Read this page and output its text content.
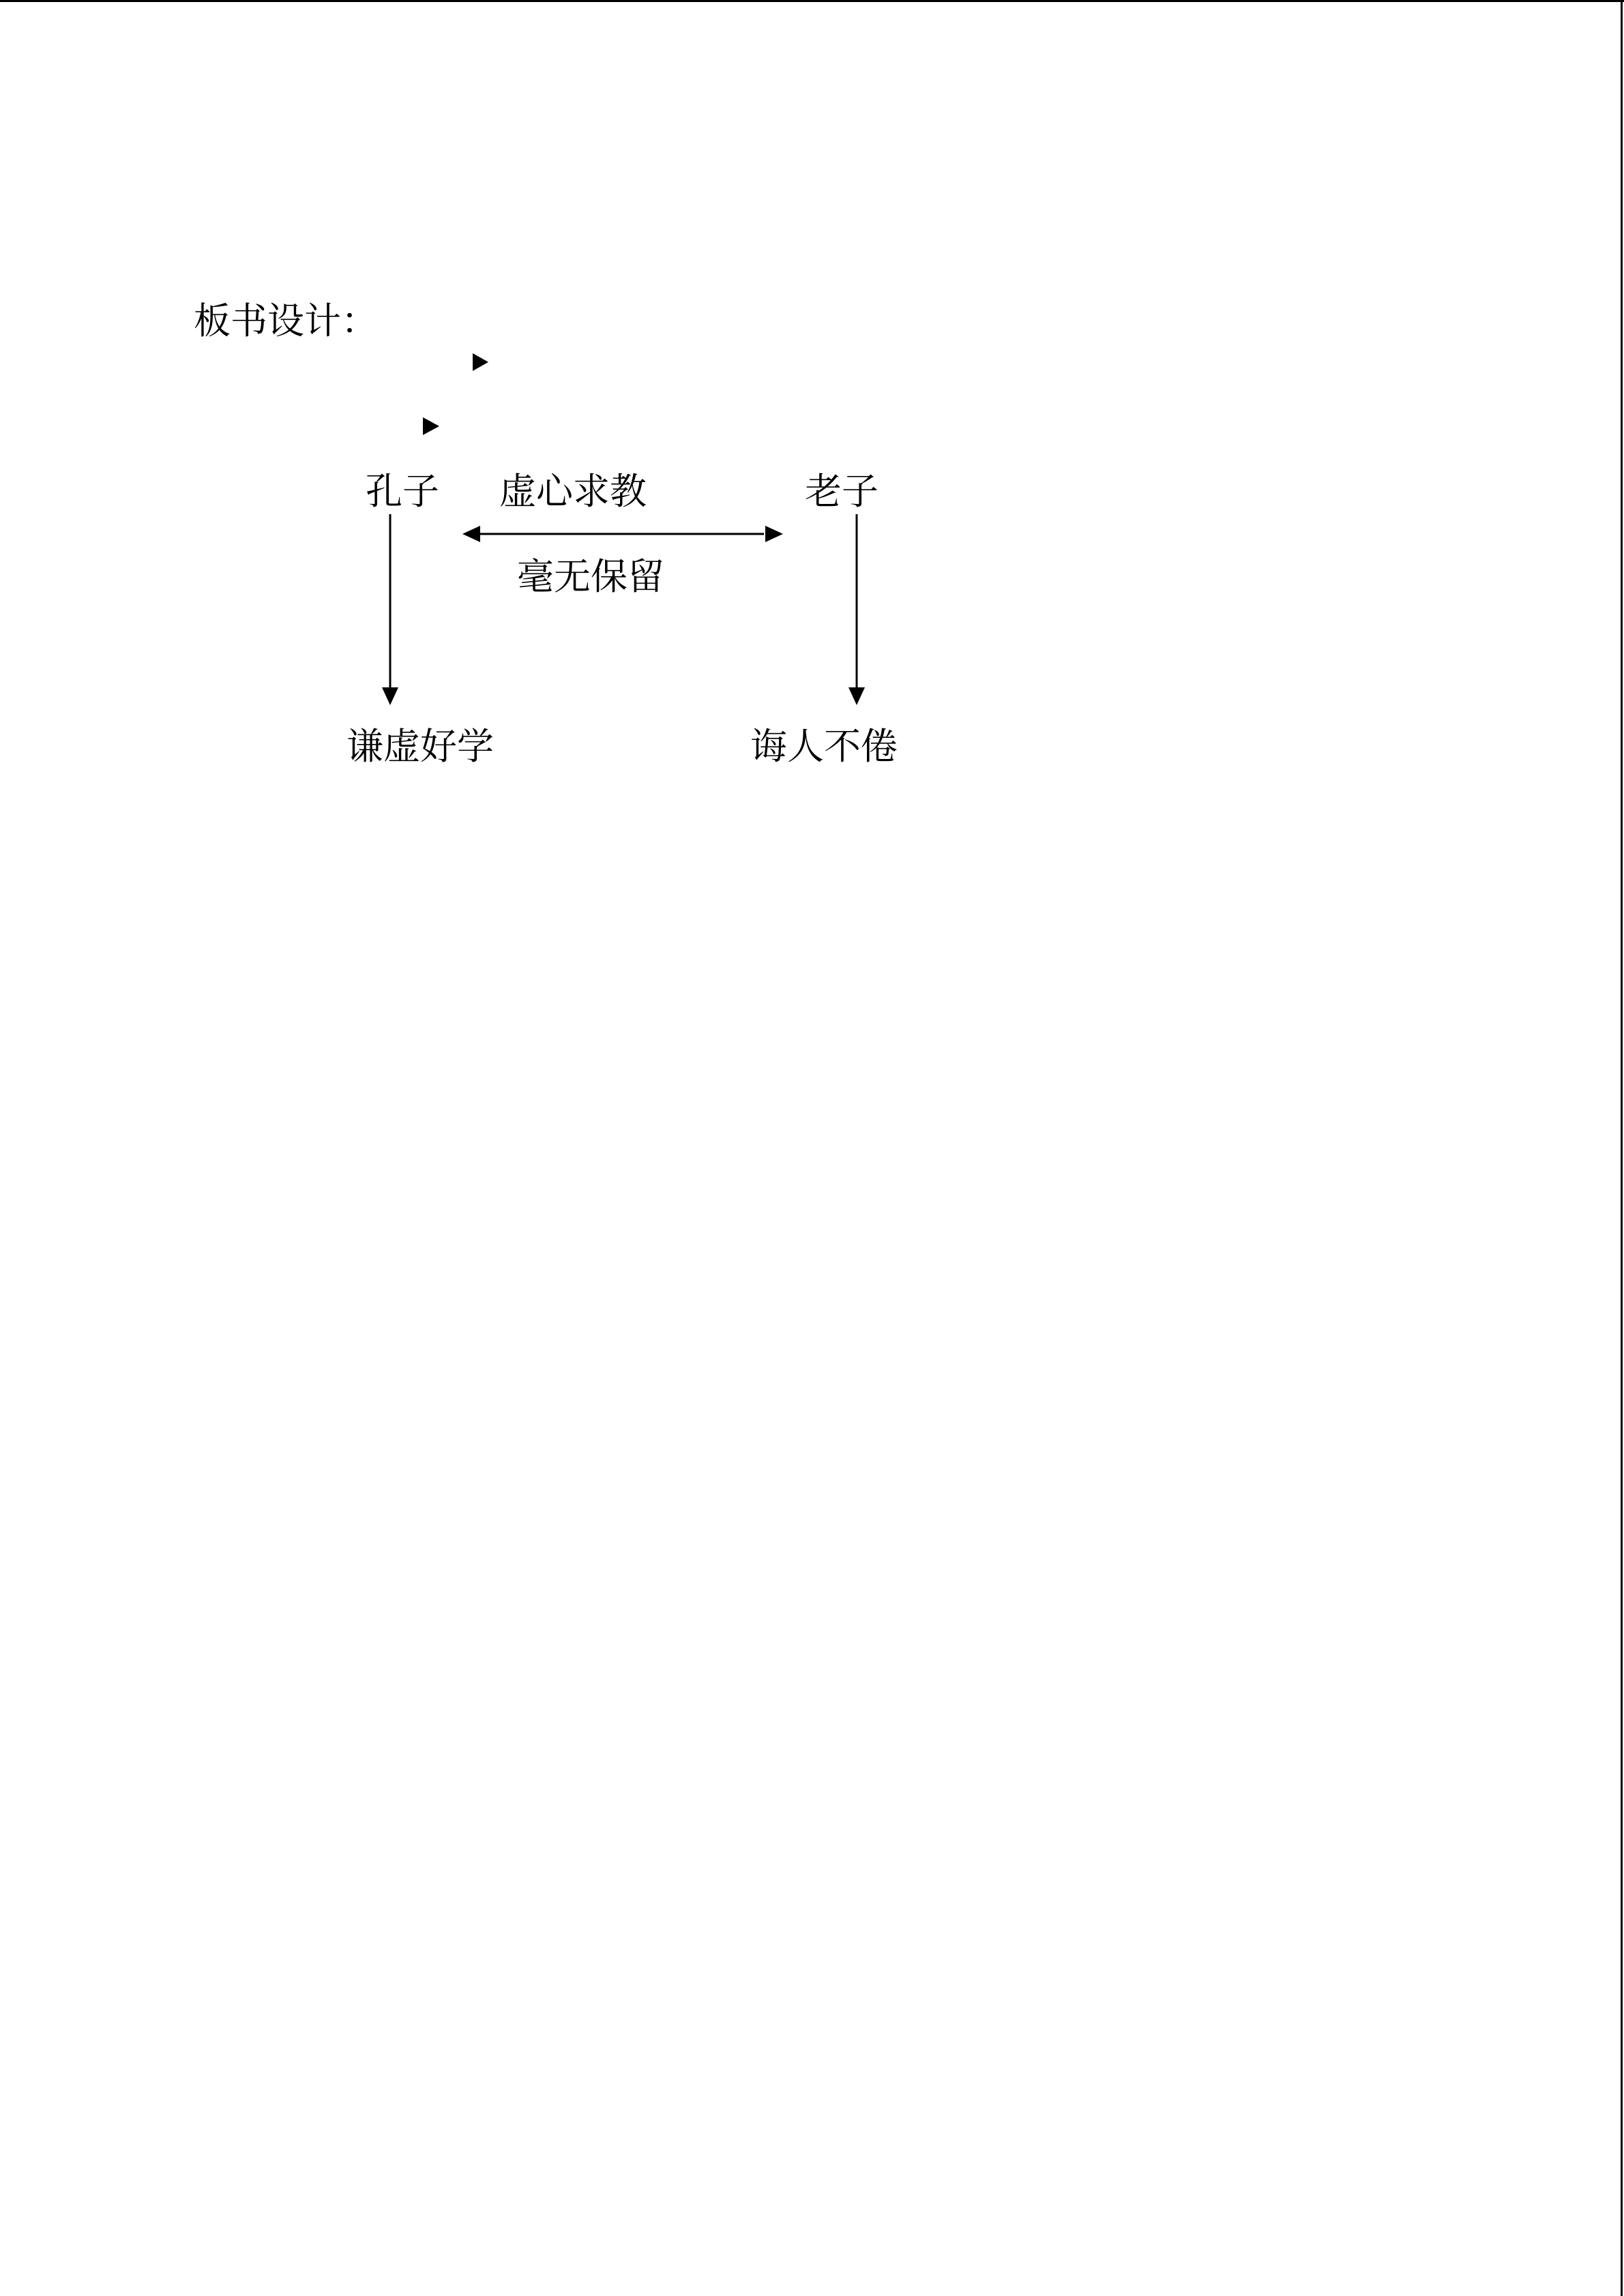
板书设计：
孔子 虚心求教	老子
毫无保留
谦虚好学	诲人不倦
